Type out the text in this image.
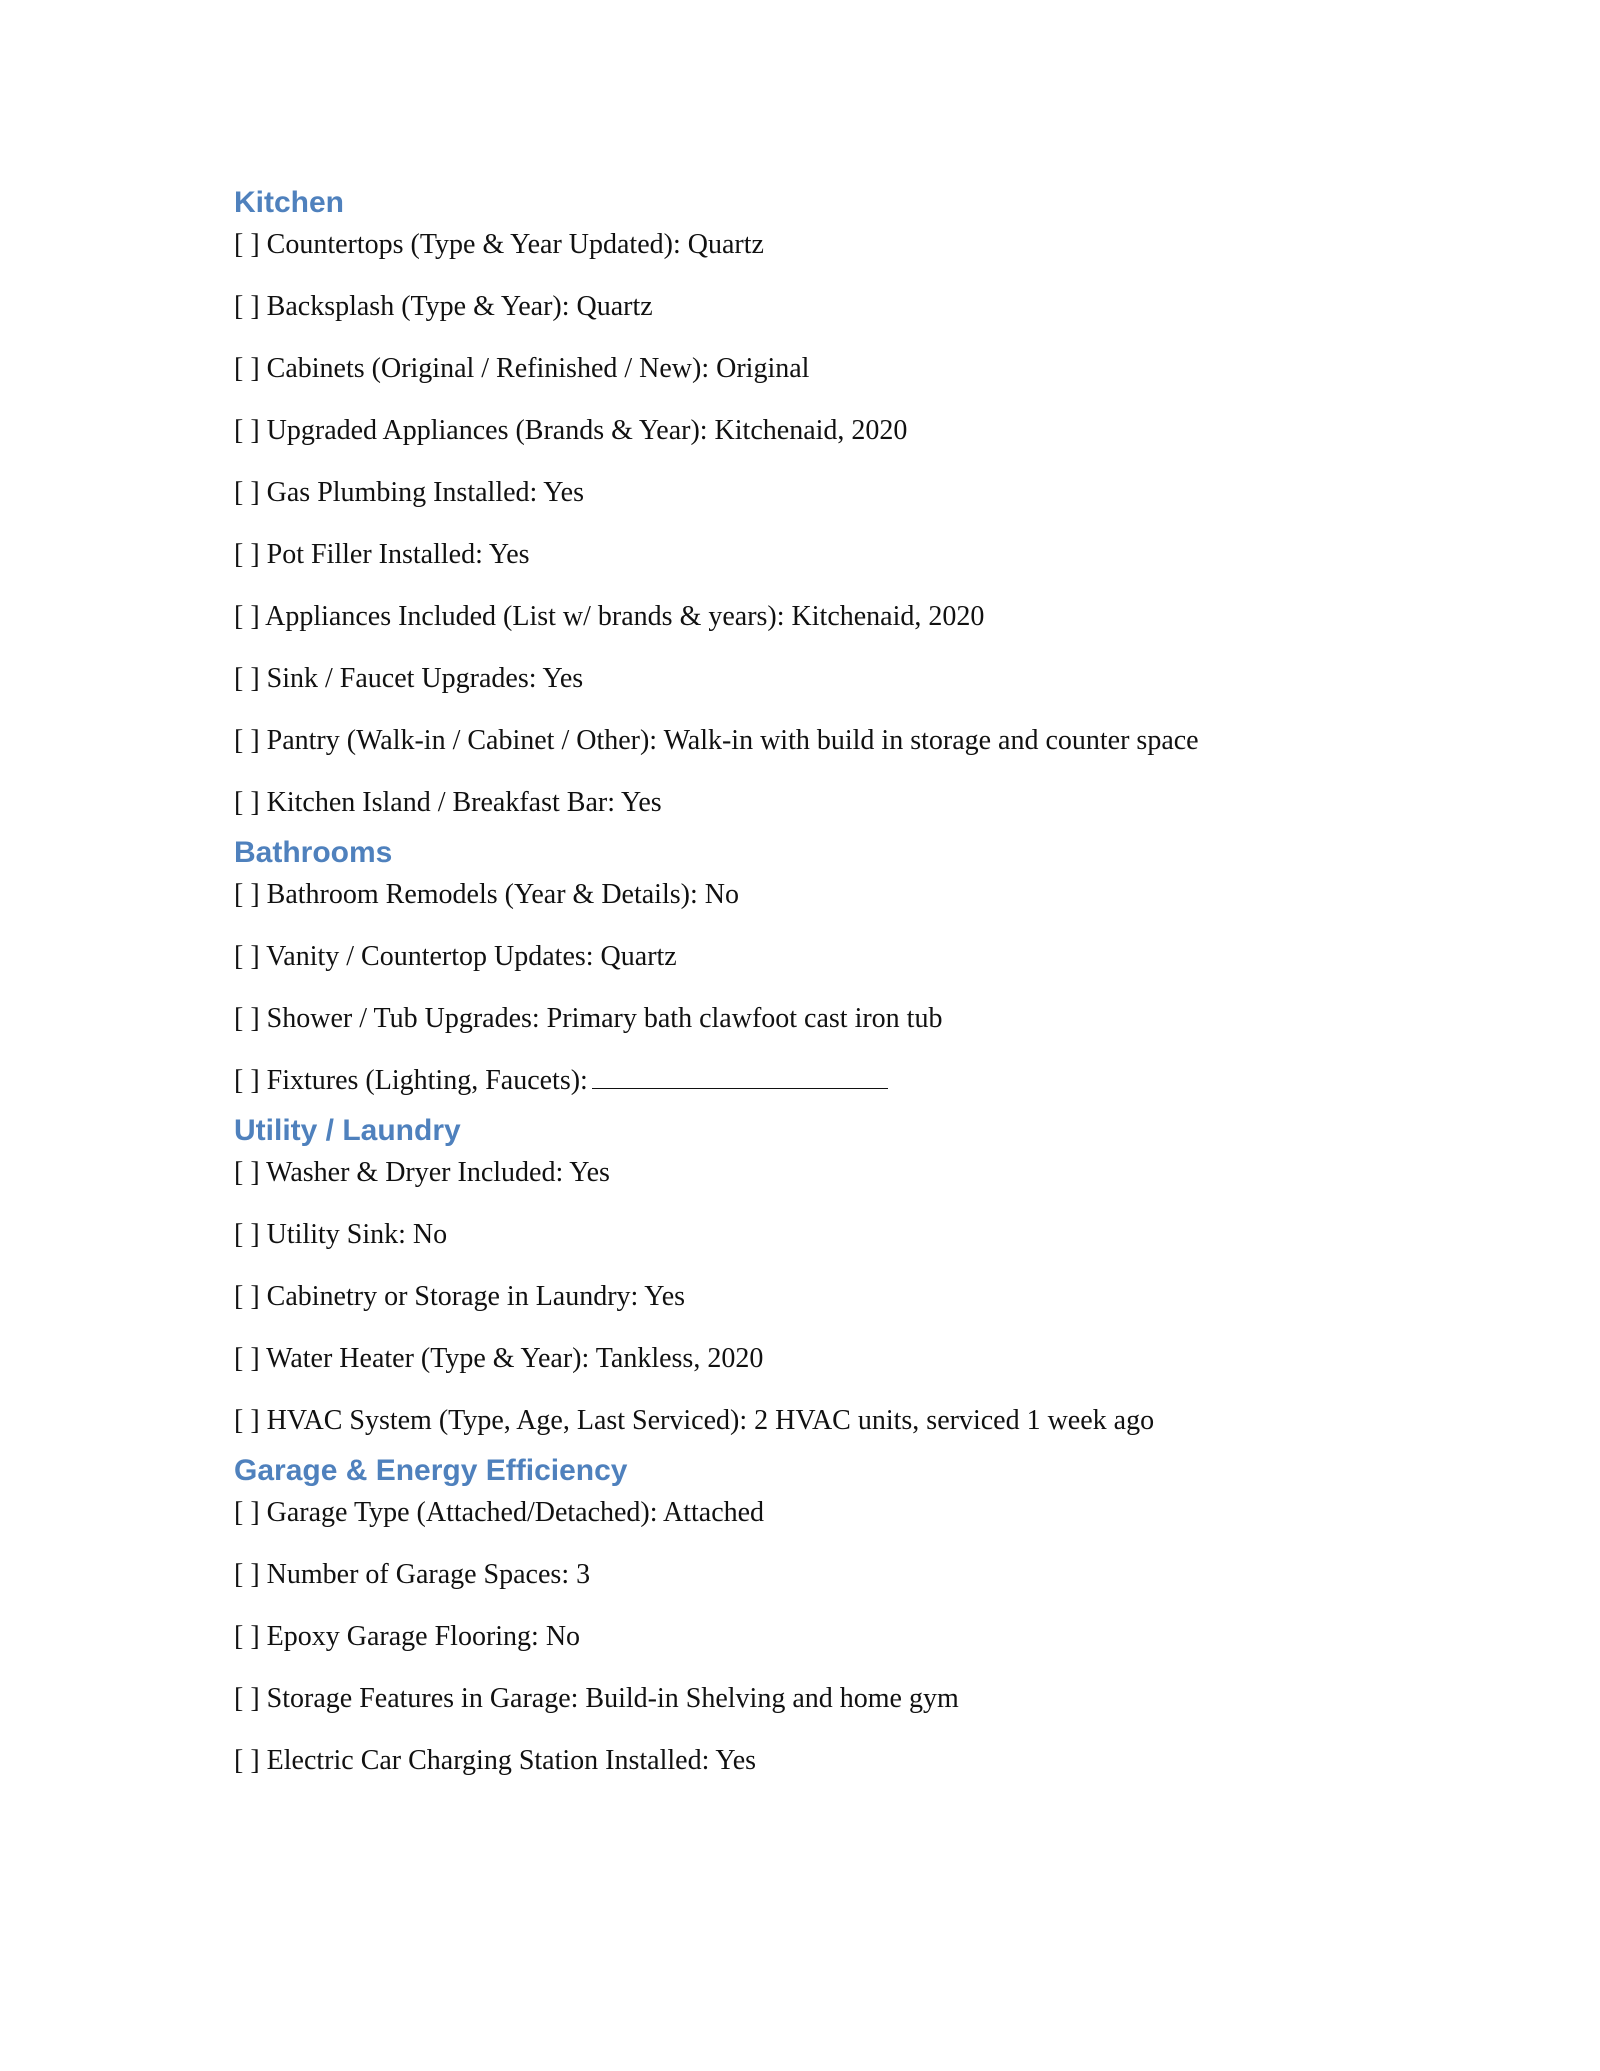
Kitchen

[ ] Countertops (Type & Year Updated): Quartz

[ ] Backsplash (Type & Year): Quartz

[ ] Cabinets (Original / Refinished / New): Original

[ ] Upgraded Appliances (Brands & Year): Kitchenaid, 2020

[ ] Gas Plumbing Installed: Yes

[ ] Pot Filler Installed: Yes

[ ] Appliances Included (List w/ brands & years): Kitchenaid, 2020

[ ] Sink / Faucet Upgrades: Yes

[ ] Pantry (Walk-in / Cabinet / Other): Walk-in with build in storage and counter space

[ ] Kitchen Island / Breakfast Bar: Yes

Bathrooms

[ ] Bathroom Remodels (Year & Details): No

[ ] Vanity / Countertop Updates: Quartz

[ ] Shower / Tub Upgrades: Primary bath clawfoot cast iron tub

[ ] Fixtures (Lighting, Faucets):

Utility / Laundry

[ ] Washer & Dryer Included: Yes

[ ] Utility Sink: No

[ ] Cabinetry or Storage in Laundry: Yes

[ ] Water Heater (Type & Year): Tankless, 2020

[ ] HVAC System (Type, Age, Last Serviced): 2 HVAC units, serviced 1 week ago

Garage & Energy Efficiency

[ ] Garage Type (Attached/Detached): Attached

[ ] Number of Garage Spaces: 3

[ ] Epoxy Garage Flooring: No

[ ] Storage Features in Garage: Build-in Shelving and home gym

[ ] Electric Car Charging Station Installed: Yes
